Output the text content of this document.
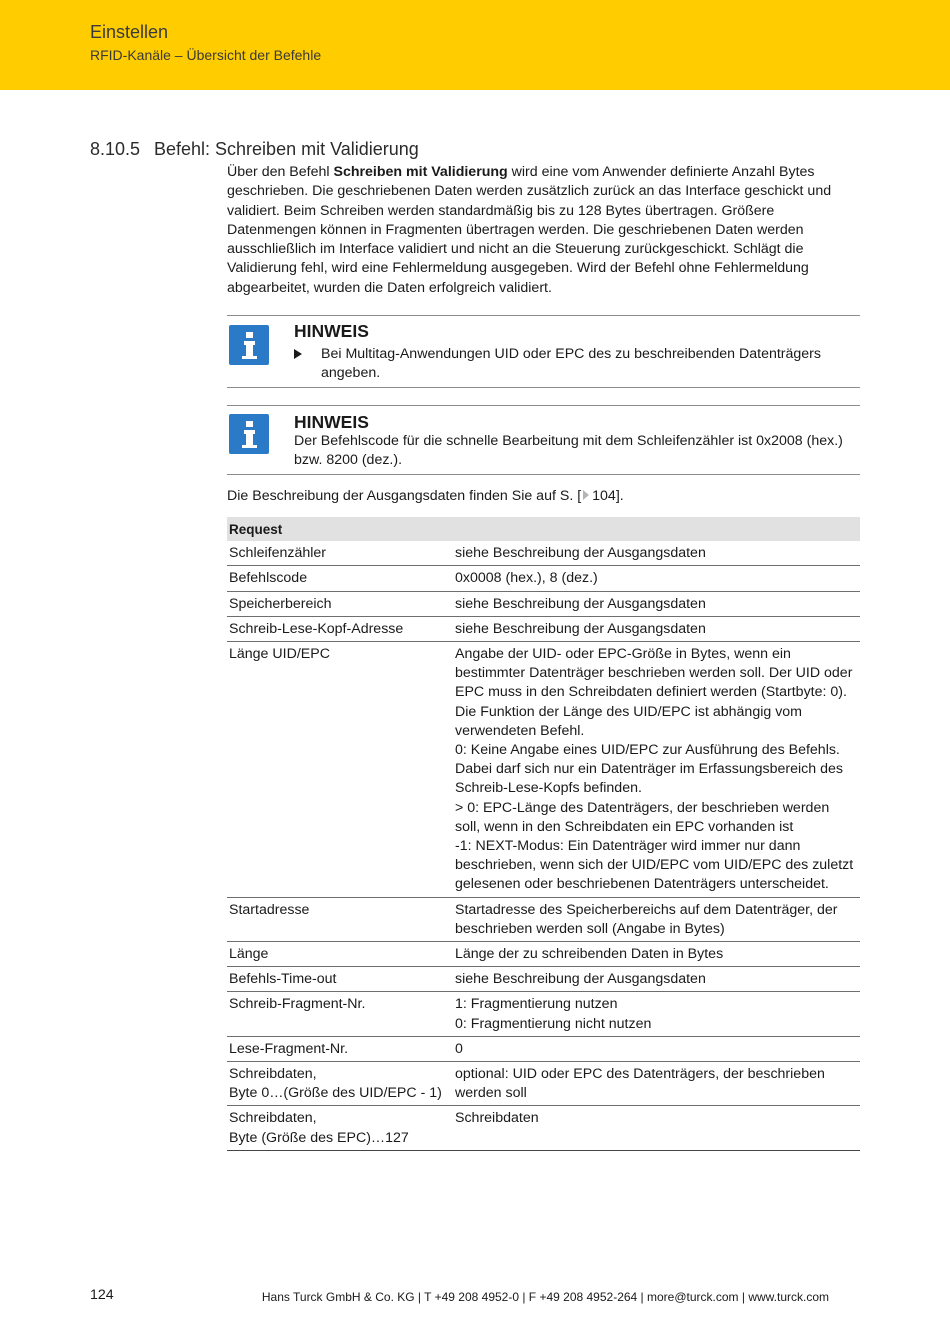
Einstellen
RFID-Kanäle – Übersicht der Befehle
8.10.5 Befehl: Schreiben mit Validierung

Über den Befehl Schreiben mit Validierung wird eine vom Anwender definierte Anzahl Bytes geschrieben. Die geschriebenen Daten werden zusätzlich zurück an das Interface geschickt und validiert. Beim Schreiben werden standardmäßig bis zu 128 Bytes übertragen. Größere Datenmengen können in Fragmenten übertragen werden. Die geschriebenen Daten werden ausschließlich im Interface validiert und nicht an die Steuerung zurückgeschickt. Schlägt die Validierung fehl, wird eine Fehlermeldung ausgegeben. Wird der Befehl ohne Fehlermeldung abgearbeitet, wurden die Daten erfolgreich validiert.

HINWEIS
Bei Multitag-Anwendungen UID oder EPC des zu beschreibenden Datenträgers angeben.
HINWEIS
Der Befehlscode für die schnelle Bearbeitung mit dem Schleifenzähler ist 0x2008 (hex.) bzw. 8200 (dez.).
Die Beschreibung der Ausgangsdaten finden Sie auf S. [ 104].
Request	
Schleifenzähler	siehe Beschreibung der Ausgangsdaten
Befehlscode	0x0008 (hex.), 8 (dez.)
Speicherbereich	siehe Beschreibung der Ausgangsdaten
Schreib-Lese-Kopf-Adresse	siehe Beschreibung der Ausgangsdaten
Länge UID/EPC	Angabe der UID- oder EPC-Größe in Bytes, wenn ein bestimmter Datenträger beschrieben werden soll. Der UID oder EPC muss in den Schreibdaten definiert werden (Startbyte: 0). Die Funktion der Länge des UID/EPC ist abhängig vom verwendeten Befehl.
0: Keine Angabe eines UID/EPC zur Ausführung des Befehls. Dabei darf sich nur ein Datenträger im Erfassungsbereich des Schreib-Lese-Kopfs befinden.
> 0: EPC-Länge des Datenträgers, der beschrieben werden soll, wenn in den Schreibdaten ein EPC vorhanden ist
-1: NEXT-Modus: Ein Datenträger wird immer nur dann beschrieben, wenn sich der UID/EPC vom UID/EPC des zuletzt gelesenen oder beschriebenen Datenträgers unterscheidet.
Startadresse	Startadresse des Speicherbereichs auf dem Datenträger, der beschrieben werden soll (Angabe in Bytes)
Länge	Länge der zu schreibenden Daten in Bytes
Befehls-Time-out	siehe Beschreibung der Ausgangsdaten
Schreib-Fragment-Nr.	1: Fragmentierung nutzen
0: Fragmentierung nicht nutzen
Lese-Fragment-Nr.	0
Schreibdaten,
Byte 0…(Größe des UID/EPC - 1)	optional: UID oder EPC des Datenträgers, der beschrieben werden soll
Schreibdaten,
Byte (Größe des EPC)…127	Schreibdaten
124	Hans Turck GmbH & Co. KG | T +49 208 4952-0 | F +49 208 4952-264 | more@turck.com | www.turck.com
